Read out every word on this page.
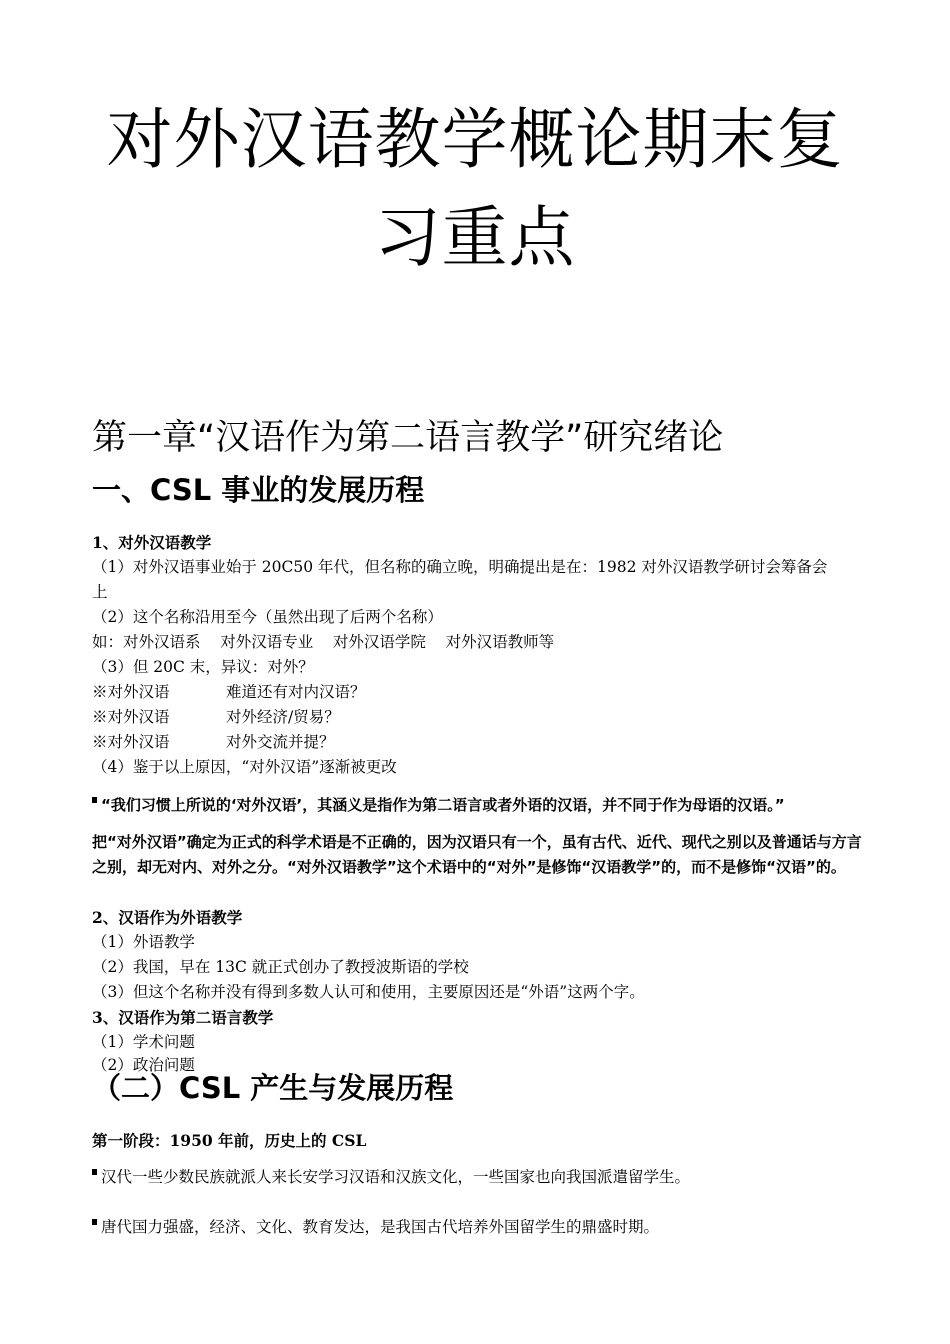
对外汉语教学概论期末复
习重点
第一章“汉语作为第二语言教学”研究绪论
一、CSL 事业的发展历程

1、对外汉语教学

（1）对外汉语事业始于 20C50 年代，但名称的确立晚，明确提出是在：1982 对外汉语教学研讨会筹备会

上

（2）这个名称沿用至今（虽然出现了后两个名称）

如：对外汉语系    对外汉语专业    对外汉语学院    对外汉语教师等

（3）但 20C 末，异议：对外？

※对外汉语	难道还有对内汉语？
※对外汉语	对外经济/贸易？
※对外汉语	对外交流并提？

（4）鉴于以上原因，“对外汉语”逐渐被更改

“我们习惯上所说的‘对外汉语’，其涵义是指作为第二语言或者外语的汉语，并不同于作为母语的汉语。”

把“对外汉语”确定为正式的科学术语是不正确的，因为汉语只有一个，虽有古代、近代、现代之别以及普通话与方言之别，却无对内、对外之分。“对外汉语教学”这个术语中的“对外”是修饰“汉语教学”的，而不是修饰“汉语”的。

2、汉语作为外语教学

（1）外语教学

（2）我国，早在 13C 就正式创办了教授波斯语的学校

（3）但这个名称并没有得到多数人认可和使用，主要原因还是“外语”这两个字。

3、汉语作为第二语言教学

（1）学术问题

（2）政治问题

（二）CSL 产生与发展历程

第一阶段：1950 年前，历史上的 CSL

汉代一些少数民族就派人来长安学习汉语和汉族文化，一些国家也向我国派遣留学生。

唐代国力强盛，经济、文化、教育发达，是我国古代培养外国留学生的鼎盛时期。
